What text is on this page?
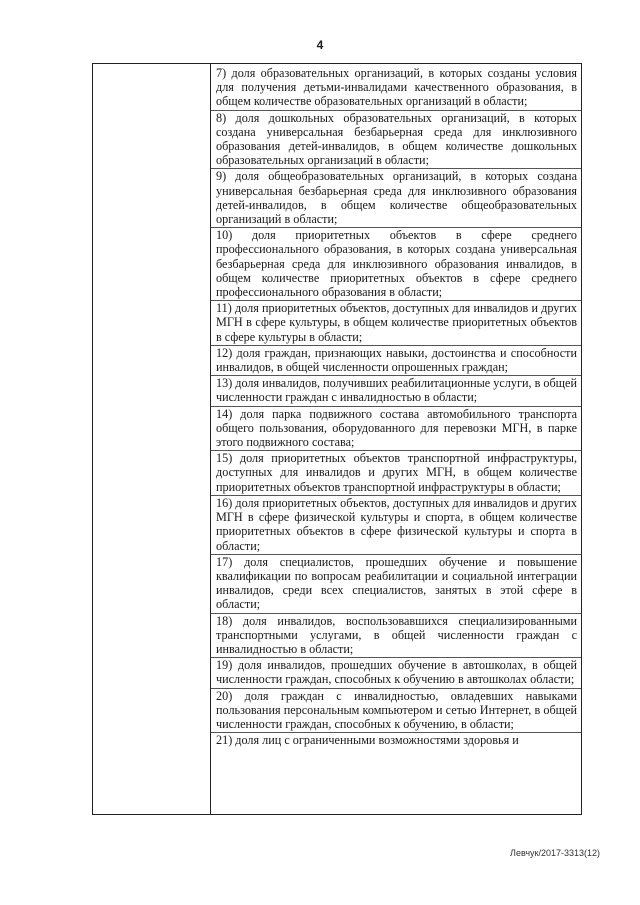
4
7) доля образовательных организаций, в которых созданы условия для получения детьми-инвалидами качественного образования, в общем количестве образовательных организаций в области;
8) доля дошкольных образовательных организаций, в которых создана универсальная безбарьерная среда для инклюзивного образования детей-инвалидов, в общем количестве дошкольных образовательных организаций в области;
9) доля общеобразовательных организаций, в которых создана универсальная безбарьерная среда для инклюзивного образования детей-инвалидов, в общем количестве общеобразовательных организаций в области;
10) доля приоритетных объектов в сфере среднего профессионального образования, в которых создана универсальная безбарьерная среда для инклюзивного образования инвалидов, в общем количестве приоритетных объектов в сфере среднего профессионального образования в области;
11) доля приоритетных объектов, доступных для инвалидов и других МГН в сфере культуры, в общем количестве приоритетных объектов в сфере культуры в области;
12) доля граждан, признающих навыки, достоинства и способности инвалидов, в общей численности опрошенных граждан;
13) доля инвалидов, получивших реабилитационные услуги, в общей численности граждан с инвалидностью в области;
14) доля парка подвижного состава автомобильного транспорта общего пользования, оборудованного для перевозки МГН, в парке этого подвижного состава;
15) доля приоритетных объектов транспортной инфраструктуры, доступных для инвалидов и других МГН, в общем количестве приоритетных объектов транспортной инфраструктуры в области;
16) доля приоритетных объектов, доступных для инвалидов и других МГН в сфере физической культуры и спорта, в общем количестве приоритетных объектов в сфере физической культуры и спорта в области;
17) доля специалистов, прошедших обучение и повышение квалификации по вопросам реабилитации и социальной интеграции инвалидов, среди всех специалистов, занятых в этой сфере в области;
18) доля инвалидов, воспользовавшихся специализированными транспортными услугами, в общей численности граждан с инвалидностью в области;
19) доля инвалидов, прошедших обучение в автошколах, в общей численности граждан, способных к обучению в автошколах области;
20) доля граждан с инвалидностью, овладевших навыками пользования персональным компьютером и сетью Интернет, в общей численности граждан, способных к обучению, в области;
21) доля лиц с ограниченными возможностями здоровья и
Левчук/2017-3313(12)
